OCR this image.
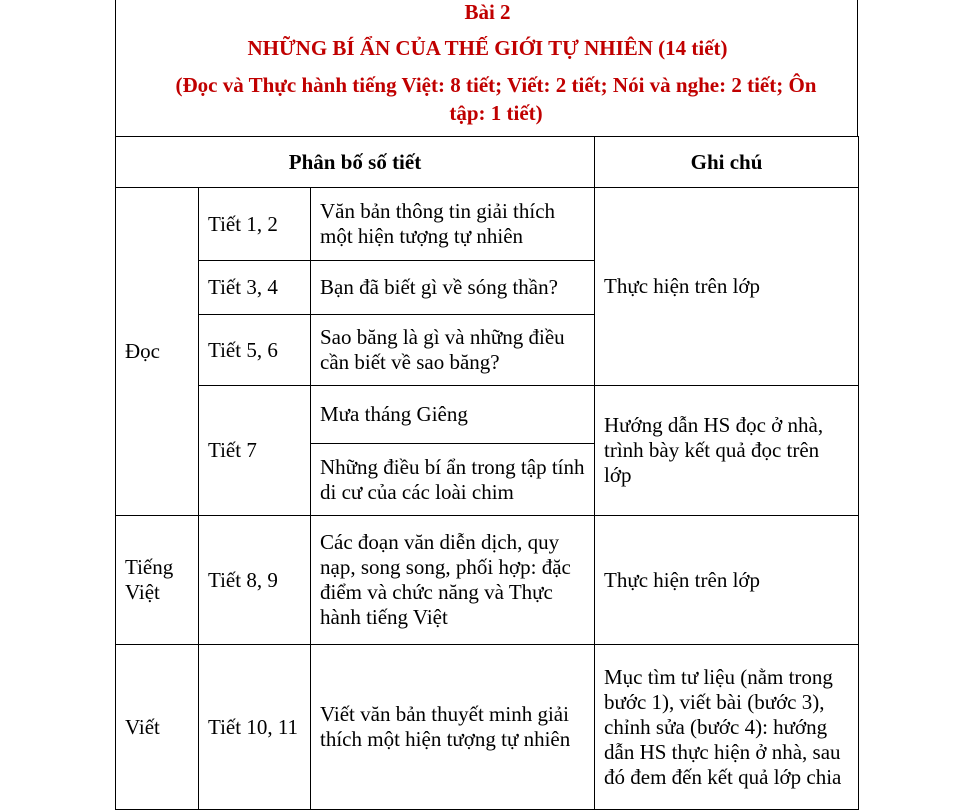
Bài 2
NHỮNG BÍ ẨN CỦA THẾ GIỚI TỰ NHIÊN (14 tiết)
(Đọc và Thực hành tiếng Việt: 8 tiết; Viết: 2 tiết; Nói và nghe: 2 tiết; Ôn tập: 1 tiết)
Phân bố số tiết			Ghi chú
Đọc	Tiết 1, 2	Văn bản thông tin giải thích một hiện tượng tự nhiên	Thực hiện trên lớp
	Tiết 3, 4	Bạn đã biết gì về sóng thần?	
	Tiết 5, 6	Sao băng là gì và những điều cần biết về sao băng?	
	Tiết 7	Mưa tháng Giêng	Hướng dẫn HS đọc ở nhà, trình bày kết quả đọc trên lớp
		Những điều bí ẩn trong tập tính di cư của các loài chim	
Tiếng Việt	Tiết 8, 9	Các đoạn văn diễn dịch, quy nạp, song song, phối hợp: đặc điểm và chức năng và Thực hành tiếng Việt	Thực hiện trên lớp
Viết	Tiết 10, 11	Viết văn bản thuyết minh giải thích một hiện tượng tự nhiên	Mục tìm tư liệu (nằm trong bước 1), viết bài (bước 3), chỉnh sửa (bước 4): hướng dẫn HS thực hiện ở nhà, sau đó đem đến kết quả lớp chia
